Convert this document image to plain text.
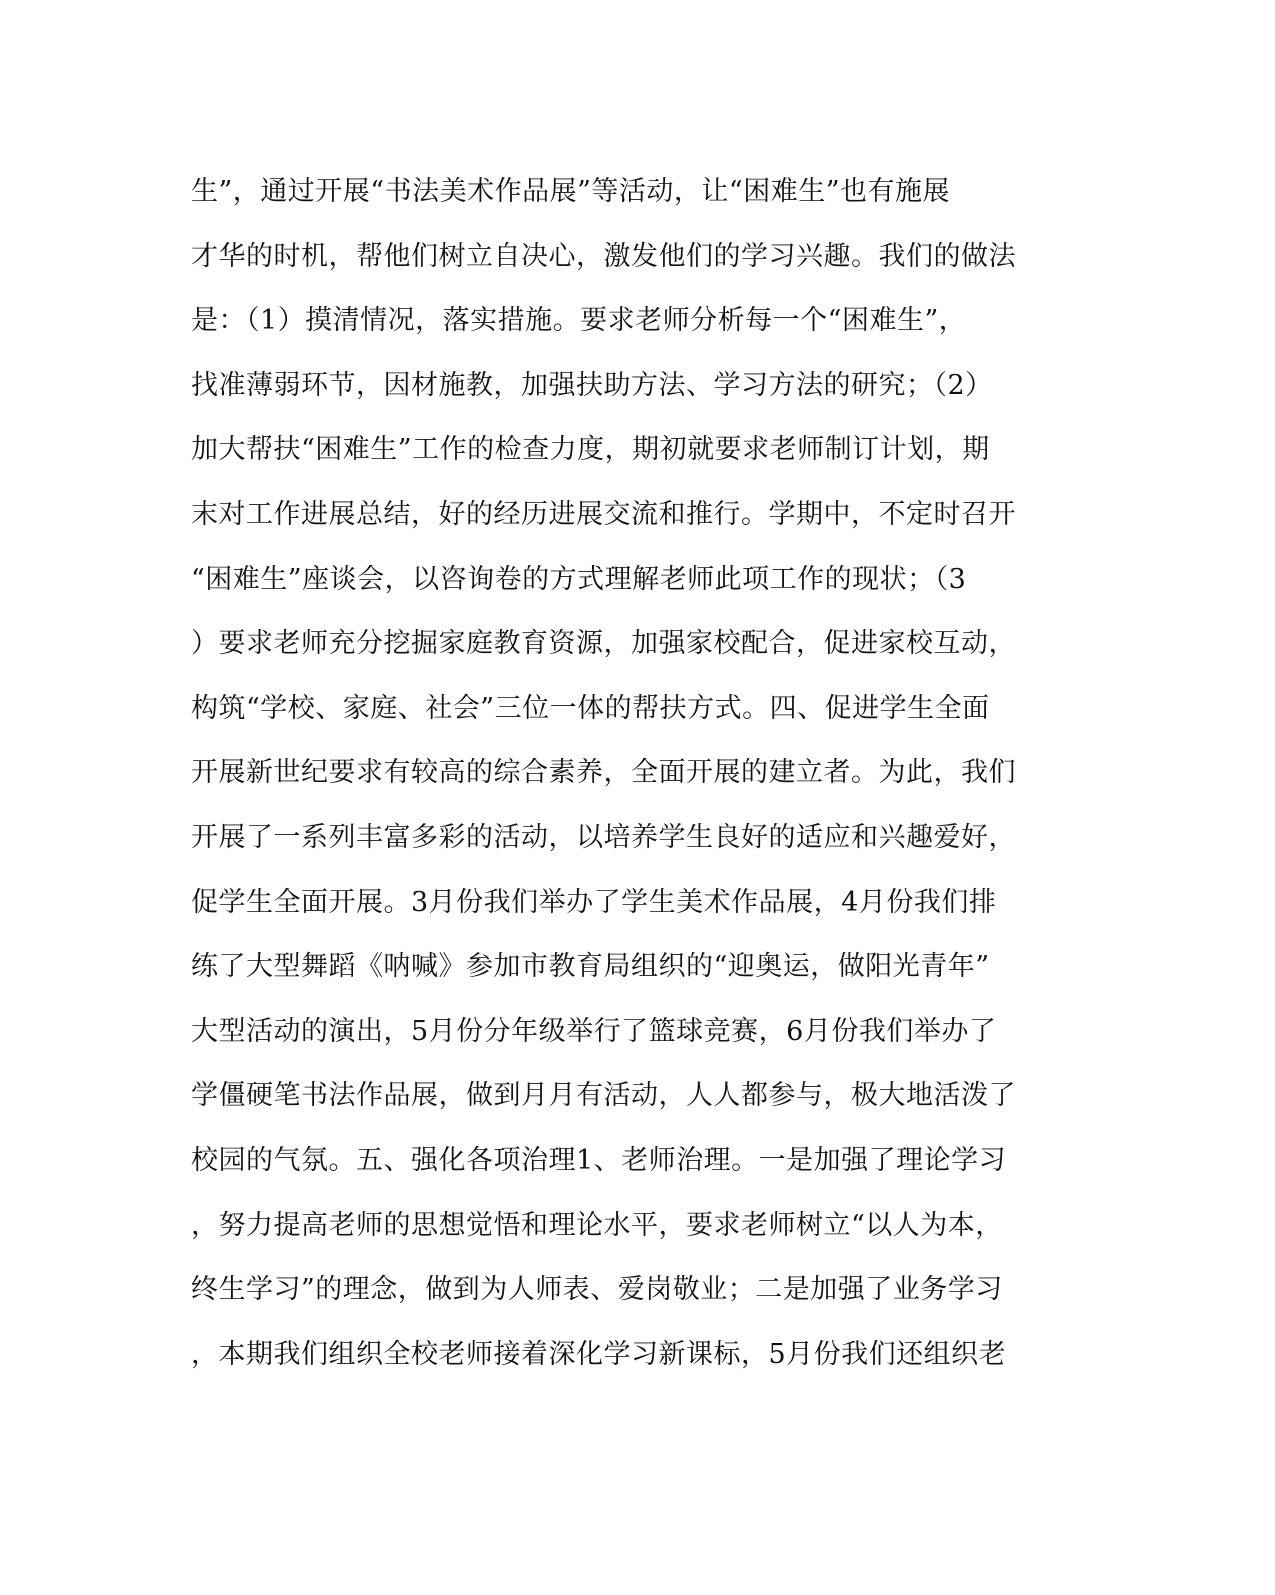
生”，通过开展“书法美术作品展”等活动，让“困难生”也有施展
才华的时机，帮他们树立自决心，激发他们的学习兴趣。我们的做法
是：（1）摸清情况，落实措施。要求老师分析每一个“困难生”，
找准薄弱环节，因材施教，加强扶助方法、学习方法的研究；（2）
加大帮扶“困难生”工作的检查力度，期初就要求老师制订计划，期
末对工作进展总结，好的经历进展交流和推行。学期中，不定时召开
“困难生”座谈会，以咨询卷的方式理解老师此项工作的现状；（3
）要求老师充分挖掘家庭教育资源，加强家校配合，促进家校互动，
构筑“学校、家庭、社会”三位一体的帮扶方式。四、促进学生全面
开展新世纪要求有较高的综合素养，全面开展的建立者。为此，我们
开展了一系列丰富多彩的活动，以培养学生良好的适应和兴趣爱好，
促学生全面开展。3月份我们举办了学生美术作品展，4月份我们排
练了大型舞蹈《呐喊》参加市教育局组织的“迎奥运，做阳光青年”
大型活动的演出，5月份分年级举行了篮球竞赛，6月份我们举办了
学僵硬笔书法作品展，做到月月有活动，人人都参与，极大地活泼了
校园的气氛。五、强化各项治理1、老师治理。一是加强了理论学习
，努力提高老师的思想觉悟和理论水平，要求老师树立“以人为本，
终生学习”的理念，做到为人师表、爱岗敬业；二是加强了业务学习
，本期我们组织全校老师接着深化学习新课标，5月份我们还组织老
